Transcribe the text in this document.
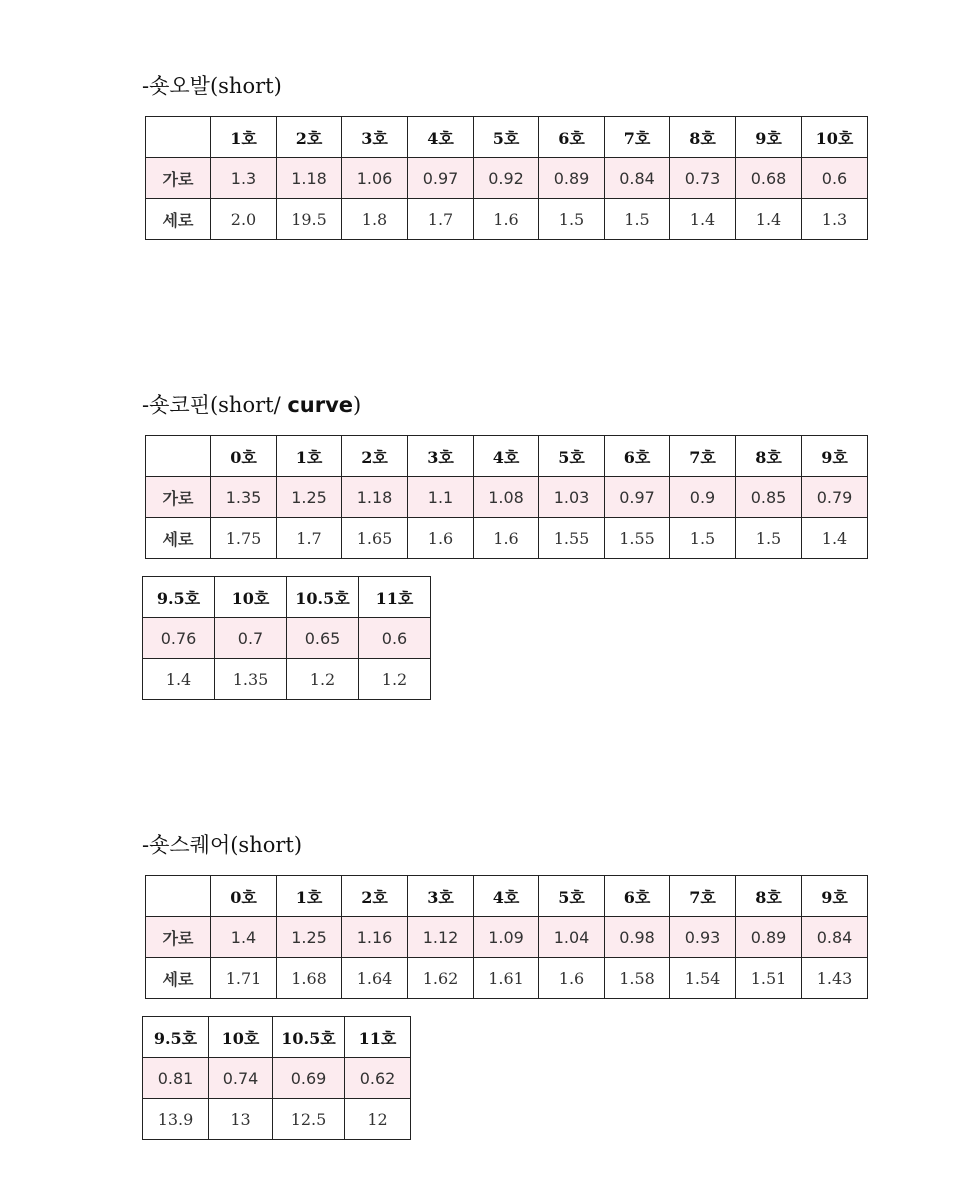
-숏오발(short)
	1호	2호	3호	4호	5호	6호	7호	8호	9호	10호
가로	1.3	1.18	1.06	0.97	0.92	0.89	0.84	0.73	0.68	0.6
세로	2.0	19.5	1.8	1.7	1.6	1.5	1.5	1.4	1.4	1.3
-숏코핀(short/ curve)
	0호	1호	2호	3호	4호	5호	6호	7호	8호	9호
가로	1.35	1.25	1.18	1.1	1.08	1.03	0.97	0.9	0.85	0.79
세로	1.75	1.7	1.65	1.6	1.6	1.55	1.55	1.5	1.5	1.4
9.5호	10호	10.5호	11호
0.76	0.7	0.65	0.6
1.4	1.35	1.2	1.2
-숏스퀘어(short)
	0호	1호	2호	3호	4호	5호	6호	7호	8호	9호
가로	1.4	1.25	1.16	1.12	1.09	1.04	0.98	0.93	0.89	0.84
세로	1.71	1.68	1.64	1.62	1.61	1.6	1.58	1.54	1.51	1.43
9.5호	10호	10.5호	11호
0.81	0.74	0.69	0.62
13.9	13	12.5	12
